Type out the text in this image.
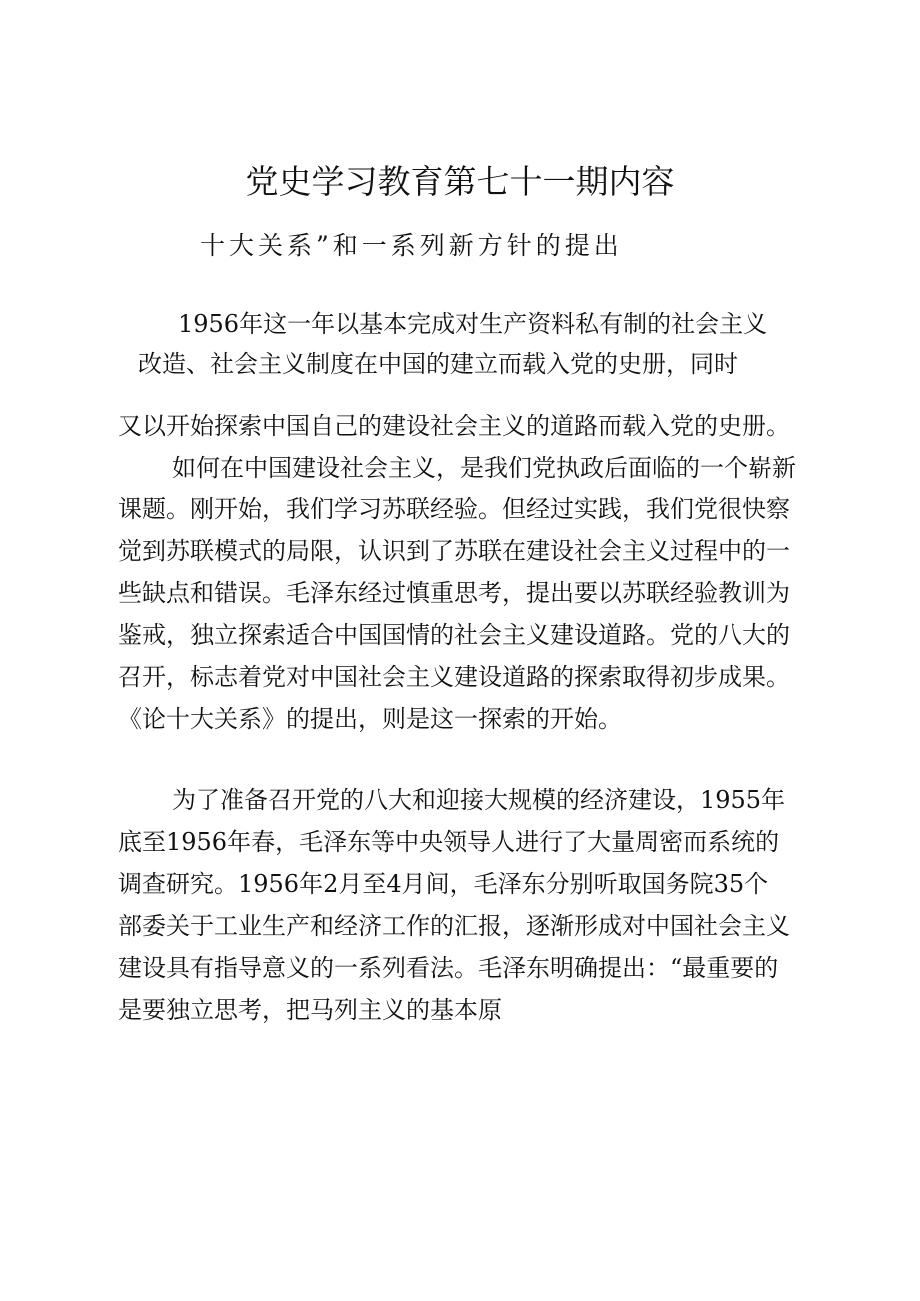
党史学习教育第七十一期内容
十大关系”和一系列新方针的提出
1956年这一年以基本完成对生产资料私有制的社会主义
改造、社会主义制度在中国的建立而载入党的史册，同时
又以开始探索中国自己的建设社会主义的道路而载入党的史册。
如何在中国建设社会主义，是我们党执政后面临的一个崭新
课题。刚开始，我们学习苏联经验。但经过实践，我们党很快察
觉到苏联模式的局限，认识到了苏联在建设社会主义过程中的一
些缺点和错误。毛泽东经过慎重思考，提出要以苏联经验教训为
鉴戒，独立探索适合中国国情的社会主义建设道路。党的八大的
召开，标志着党对中国社会主义建设道路的探索取得初步成果。
《论十大关系》的提出，则是这一探索的开始。
为了准备召开党的八大和迎接大规模的经济建设，1955年
底至1956年春，毛泽东等中央领导人进行了大量周密而系统的
调查研究。1956年2月至4月间，毛泽东分别听取国务院35个
部委关于工业生产和经济工作的汇报，逐渐形成对中国社会主义
建设具有指导意义的一系列看法。毛泽东明确提出：“最重要的
是要独立思考，把马列主义的基本原
